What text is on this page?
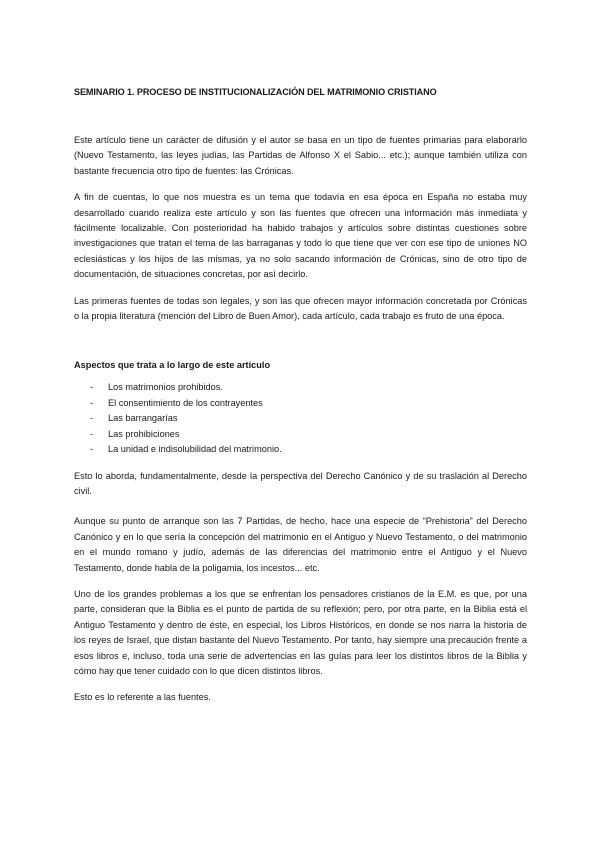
SEMINARIO 1. PROCESO DE INSTITUCIONALIZACIÓN DEL MATRIMONIO CRISTIANO

Este artículo tiene un carácter de difusión y el autor se basa en un tipo de fuentes primarias para elaborarlo (Nuevo Testamento, las leyes judías, las Partidas de Alfonso X el Sabio... etc.); aunque también utiliza con bastante frecuencia otro tipo de fuentes: las Crónicas.

A fin de cuentas, lo que nos muestra es un tema que todavía en esa época en España no estaba muy desarrollado cuando realiza este artículo y son las fuentes que ofrecen una información más inmediata y fácilmente localizable. Con posterioridad ha habido trabajos y artículos sobre distintas cuestiones sobre investigaciones que tratan el tema de las barraganas y todo lo que tiene que ver con ese tipo de uniones NO eclesiásticas y los hijos de las mismas, ya no solo sacando información de Crónicas, sino de otro tipo de documentación, de situaciones concretas, por así decirlo.

Las primeras fuentes de todas son legales, y son las que ofrecen mayor información concretada por Crónicas o la propia literatura (mención del Libro de Buen Amor), cada artículo, cada trabajo es fruto de una época.

Aspectos que trata a lo largo de este artículo
- Los matrimonios prohibidos.
- El consentimiento de los contrayentes
- Las barrangarías
- Las prohibiciones
- La unidad e indisolubilidad del matrimonio.

Esto lo aborda, fundamentalmente, desde la perspectiva del Derecho Canónico y de su traslación al Derecho civil.

Aunque su punto de arranque son las 7 Partidas, de hecho, hace una especie de “Prehistoria” del Derecho Canónico y en lo que sería la concepción del matrimonio en el Antiguo y Nuevo Testamento, o del matrimonio en el mundo romano y judío, además de las diferencias del matrimonio entre el Antiguo y el Nuevo Testamento, donde habla de la poligamia, los incestos... etc.

Uno de los grandes problemas a los que se enfrentan los pensadores cristianos de la E.M. es que, por una parte, consideran que la Biblia es el punto de partida de su reflexión; pero, por otra parte, en la Biblia está el Antiguo Testamento y dentro de éste, en especial, los Libros Históricos, en donde se nos narra la historia de los reyes de Israel, que distan bastante del Nuevo Testamento. Por tanto, hay siempre una precaución frente a esos libros e, incluso, toda una serie de advertencias en las guías para leer los distintos libros de la Biblia y cómo hay que tener cuidado con lo que dicen distintos libros.

Esto es lo referente a las fuentes.
